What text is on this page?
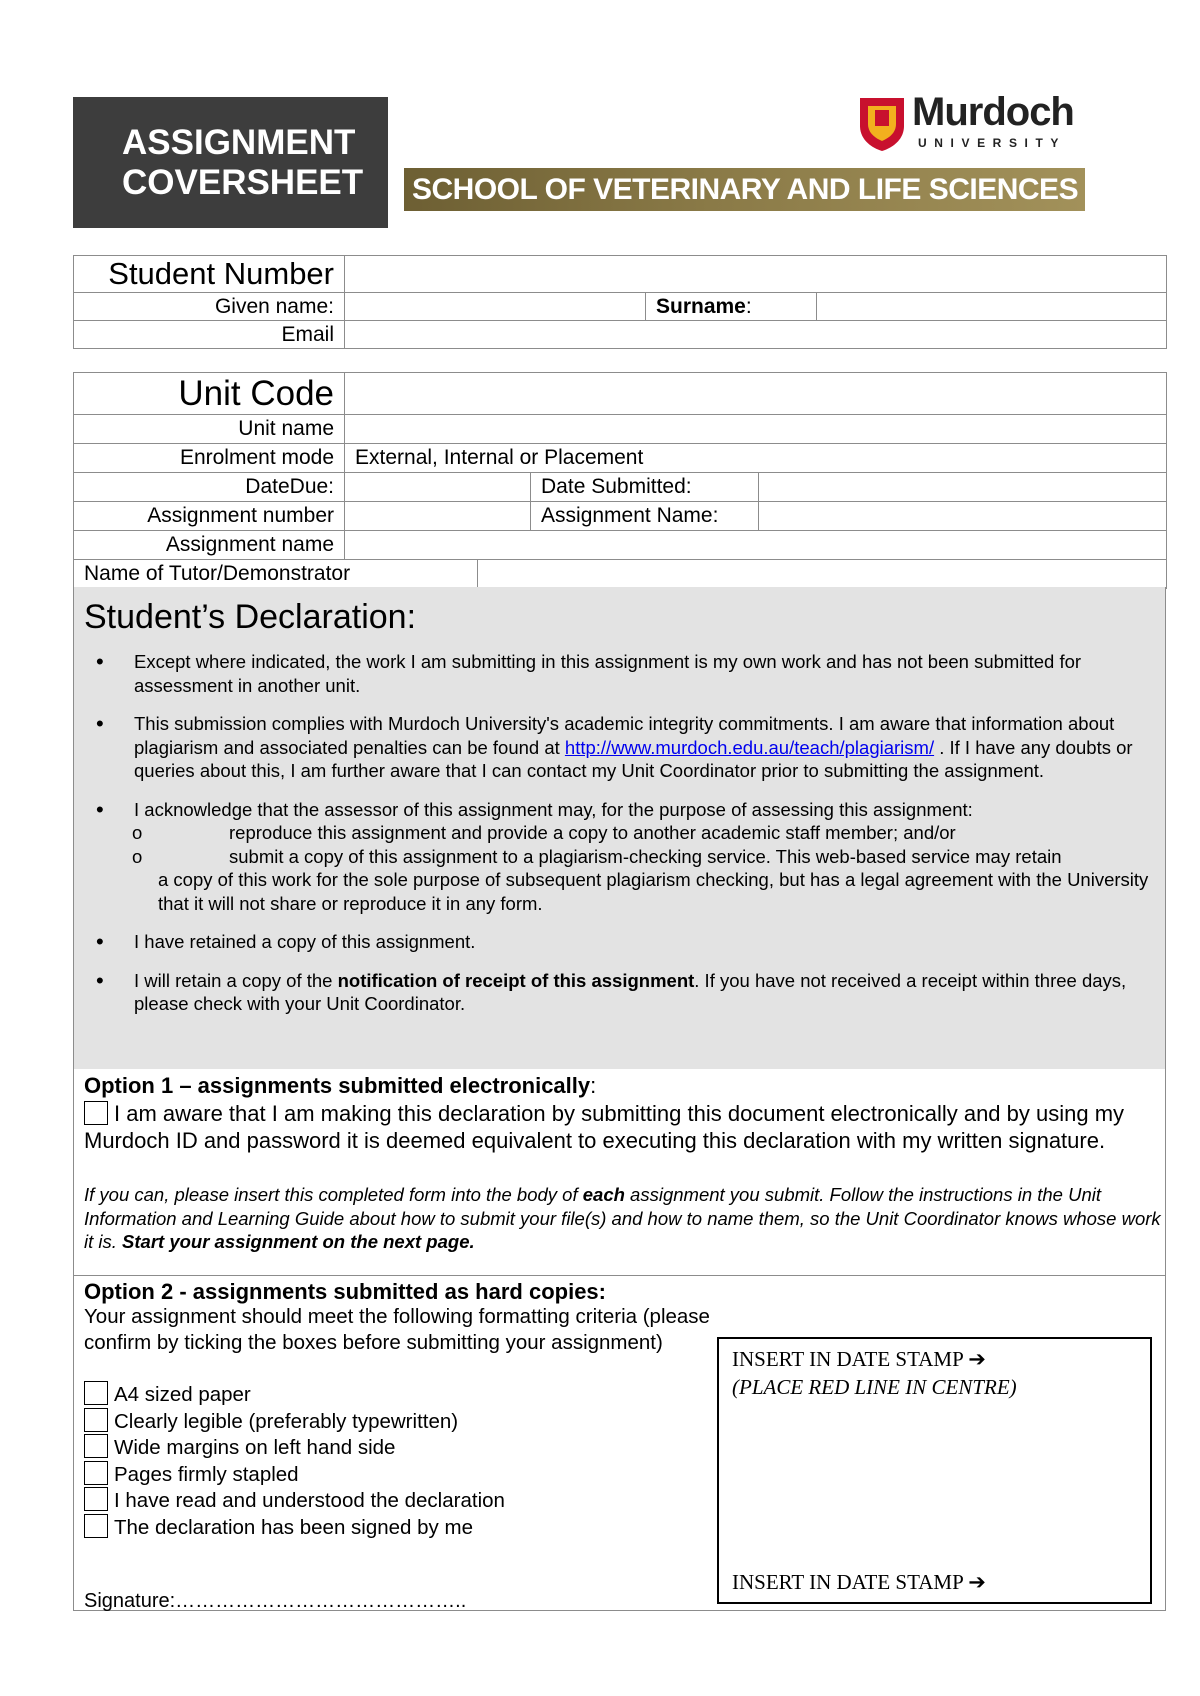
ASSIGNMENT
COVERSHEET
Murdoch
UNIVERSITY
SCHOOL OF VETERINARY AND LIFE SCIENCES
Student Number			
Given name:		Surname:	
Email			
Unit Code			
Unit name			
Enrolment mode	External, Internal or Placement		
DateDue:		Date Submitted:	
Assignment number		Assignment Name:	
Assignment name			

Name of Tutor/Demonstrator			
Student’s Declaration:
• Except where indicated, the work I am submitting in this assignment is my own work and has not been submitted for assessment in another unit.
• This submission complies with Murdoch University's academic integrity commitments. I am aware that information about plagiarism and associated penalties can be found at http://www.murdoch.edu.au/teach/plagiarism/ . If I have any doubts or queries about this, I am further aware that I can contact my Unit Coordinator prior to submitting the assignment.
• I acknowledge that the assessor of this assignment may, for the purpose of assessing this assignment:
o	reproduce this assignment and provide a copy to another academic staff member; and/or
o	submit a copy of this assignment to a plagiarism-checking service. This web-based service may retain
a copy of this work for the sole purpose of subsequent plagiarism checking, but has a legal agreement with the University that it will not share or reproduce it in any form.
• I have retained a copy of this assignment.
• I will retain a copy of the notification of receipt of this assignment. If you have not received a receipt within three days, please check with your Unit Coordinator.
Option 1 – assignments submitted electronically:
I am aware that I am making this declaration by submitting this document electronically and by using my Murdoch ID and password it is deemed equivalent to executing this declaration with my written signature.
If you can, please insert this completed form into the body of each assignment you submit. Follow the instructions in the Unit Information and Learning Guide about how to submit your file(s) and how to name them, so the Unit Coordinator knows whose work it is. Start your assignment on the next page.
Option 2 - assignments submitted as hard copies:
Your assignment should meet the following formatting criteria (please confirm by ticking the boxes before submitting your assignment)
A4 sized paper
Clearly legible (preferably typewritten)
Wide margins on left hand side
Pages firmly stapled
I have read and understood the declaration
The declaration has been signed by me
Signature:……………………………………..
INSERT IN DATE STAMP ➔
(PLACE RED LINE IN CENTRE)
INSERT IN DATE STAMP ➔
